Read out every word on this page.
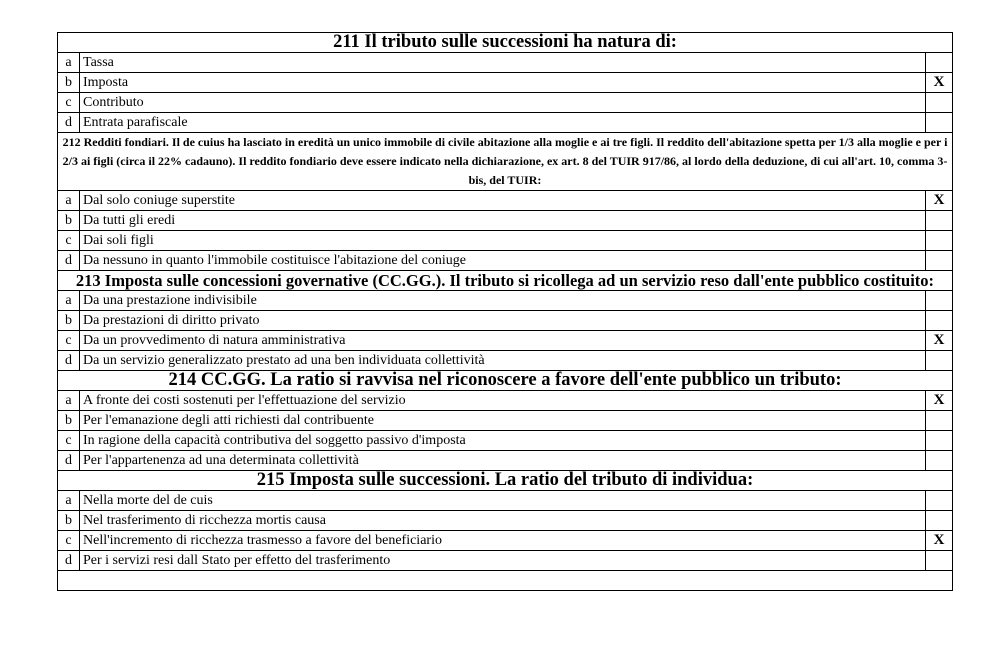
211 Il tributo sulle successioni ha natura di:		
a	Tassa	
b	Imposta	X
c	Contributo	
d	Entrata parafiscale	
212 Redditi fondiari. Il de cuius ha lasciato in eredità un unico immobile di civile abitazione alla moglie e ai tre figli. Il reddito dell'abitazione spetta per 1/3 alla moglie e per i 2/3 ai figli (circa il 22% cadauno). Il reddito fondiario deve essere indicato nella dichiarazione, ex art. 8 del TUIR 917/86, al lordo della deduzione, di cui all'art. 10, comma 3-bis, del TUIR:		
a	Dal solo coniuge superstite	X
b	Da tutti gli eredi	
c	Dai soli figli	
d	Da nessuno in quanto l'immobile costituisce l'abitazione del coniuge	
213 Imposta sulle concessioni governative (CC.GG.). Il tributo si ricollega ad un servizio reso dall'ente pubblico costituito:		
a	Da una prestazione indivisibile	
b	Da prestazioni di diritto privato	
c	Da un provvedimento di natura amministrativa	X
d	Da un servizio generalizzato prestato ad una ben individuata collettività	
214 CC.GG. La ratio si ravvisa nel riconoscere a favore dell'ente pubblico un tributo:		
a	A fronte dei costi sostenuti per l'effettuazione del servizio	X
b	Per l'emanazione degli atti richiesti dal contribuente	
c	In ragione della capacità contributiva del soggetto passivo d'imposta	
d	Per l'appartenenza ad una determinata collettività	
215 Imposta sulle successioni. La ratio del tributo di individua:		
a	Nella morte del de cuis	
b	Nel trasferimento di ricchezza mortis causa	
c	Nell'incremento di ricchezza trasmesso a favore del beneficiario	X
d	Per i servizi resi dall Stato per effetto del trasferimento	
